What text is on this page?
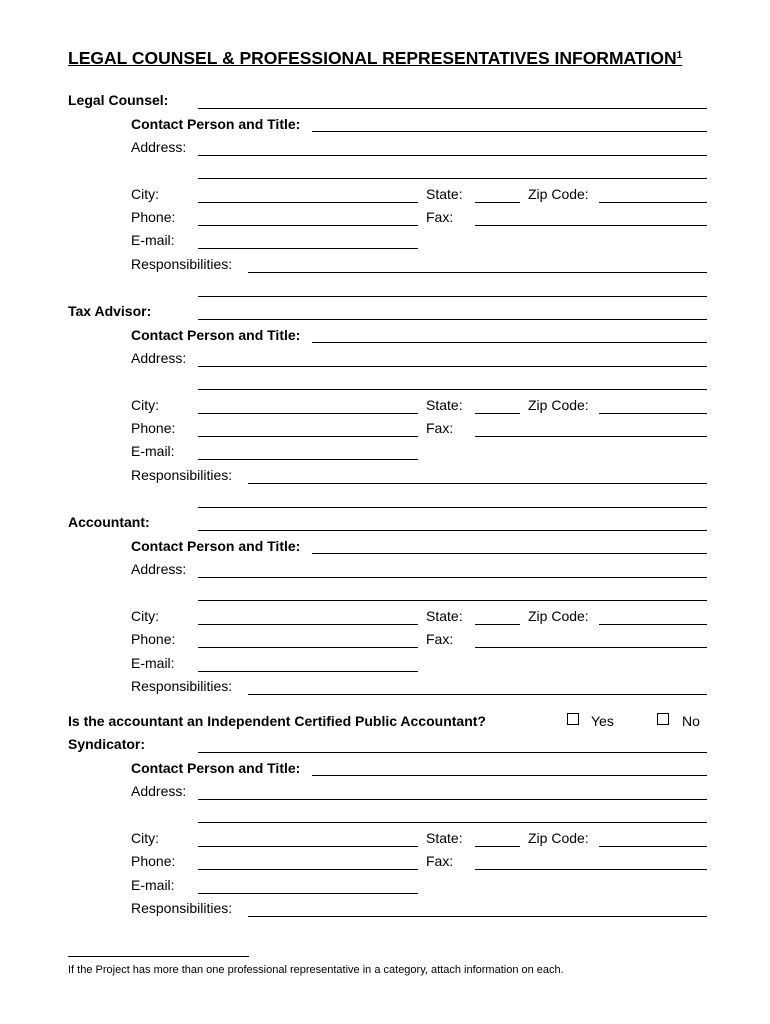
LEGAL COUNSEL & PROFESSIONAL REPRESENTATIVES INFORMATION$^1$
Legal Counsel:
Contact Person and Title:
Address:
City:	State:	Zip Code:
Phone:	Fax:
E-mail:
Responsibilities:
Tax Advisor:
Contact Person and Title:
Address:
City:	State:	Zip Code:
Phone:	Fax:
E-mail:
Responsibilities:
Accountant:
Contact Person and Title:
Address:
City:	State:	Zip Code:
Phone:	Fax:
E-mail:
Responsibilities:
Is the accountant an Independent Certified Public Accountant?	Yes	No
Syndicator:
Contact Person and Title:
Address:
City:	State:	Zip Code:
Phone:	Fax:
E-mail:
Responsibilities:
If the Project has more than one professional representative in a category, attach information on each.
